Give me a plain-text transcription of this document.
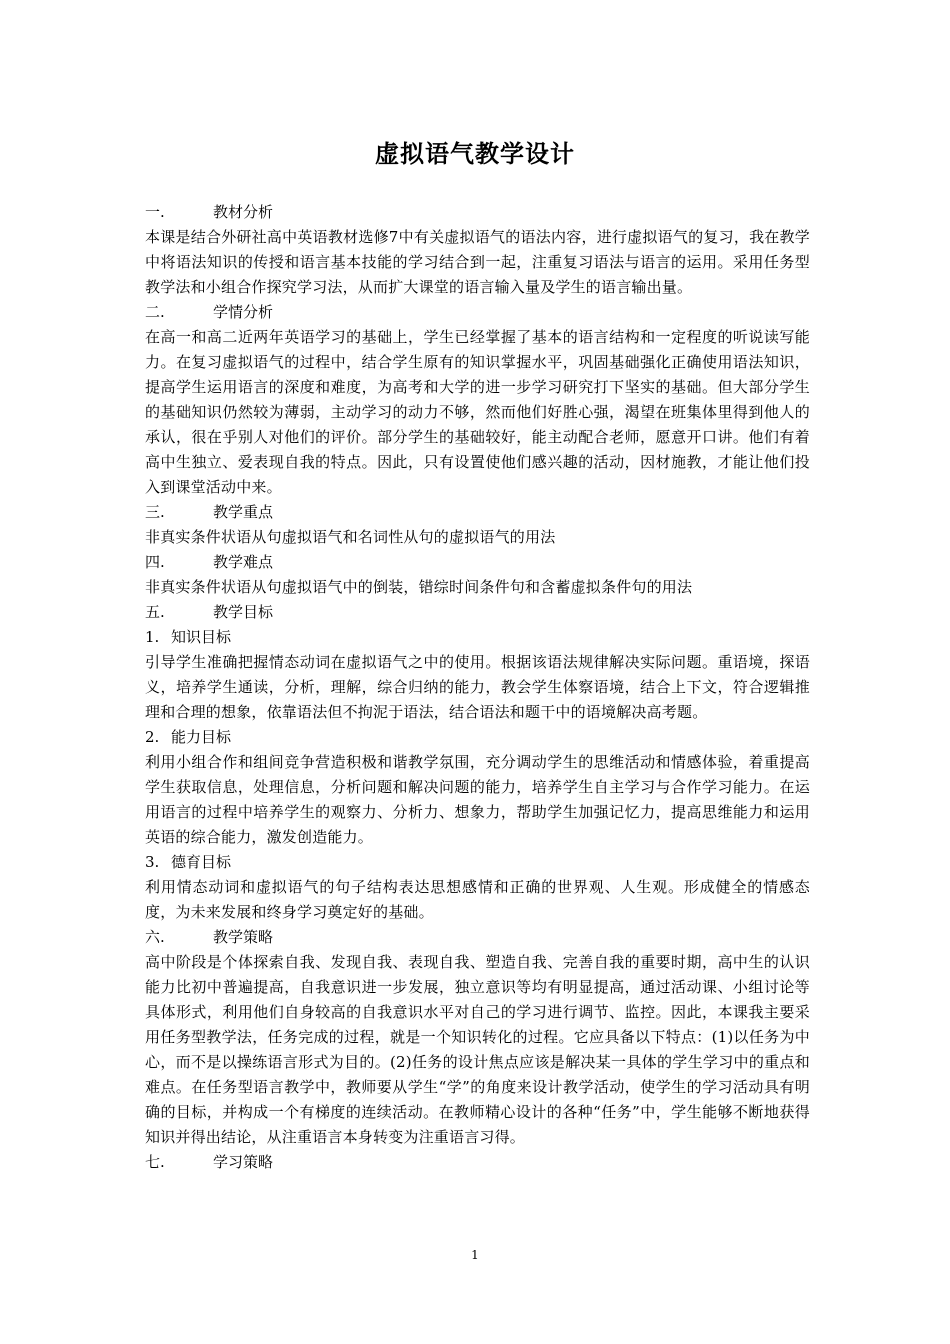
虚拟语气教学设计
一.	教材分析

本课是结合外研社高中英语教材选修7中有关虚拟语气的语法内容，进行虚拟语气的复习，我在教学中将语法知识的传授和语言基本技能的学习结合到一起，注重复习语法与语言的运用。采用任务型教学法和小组合作探究学习法，从而扩大课堂的语言输入量及学生的语言输出量。

二.	学情分析

在高一和高二近两年英语学习的基础上，学生已经掌握了基本的语言结构和一定程度的听说读写能力。在复习虚拟语气的过程中，结合学生原有的知识掌握水平，巩固基础强化正确使用语法知识，提高学生运用语言的深度和难度，为高考和大学的进一步学习研究打下坚实的基础。但大部分学生的基础知识仍然较为薄弱，主动学习的动力不够，然而他们好胜心强，渴望在班集体里得到他人的承认，很在乎别人对他们的评价。部分学生的基础较好，能主动配合老师，愿意开口讲。他们有着高中生独立、爱表现自我的特点。因此，只有设置使他们感兴趣的活动，因材施教，才能让他们投入到课堂活动中来。

三.	教学重点

非真实条件状语从句虚拟语气和名词性从句的虚拟语气的用法

四.	教学难点

非真实条件状语从句虚拟语气中的倒装，错综时间条件句和含蓄虚拟条件句的用法

五.	教学目标
1. 知识目标

引导学生准确把握情态动词在虚拟语气之中的使用。根据该语法规律解决实际问题。重语境，探语义，培养学生通读，分析，理解，综合归纳的能力，教会学生体察语境，结合上下文，符合逻辑推理和合理的想象，依靠语法但不拘泥于语法，结合语法和题干中的语境解决高考题。

2. 能力目标

利用小组合作和组间竞争营造积极和谐教学氛围，充分调动学生的思维活动和情感体验，着重提高学生获取信息，处理信息，分析问题和解决问题的能力，培养学生自主学习与合作学习能力。在运用语言的过程中培养学生的观察力、分析力、想象力，帮助学生加强记忆力，提高思维能力和运用英语的综合能力，激发创造能力。

3. 德育目标

利用情态动词和虚拟语气的句子结构表达思想感情和正确的世界观、人生观。形成健全的情感态度，为未来发展和终身学习奠定好的基础。

六.	教学策略

高中阶段是个体探索自我、发现自我、表现自我、塑造自我、完善自我的重要时期，高中生的认识能力比初中普遍提高，自我意识进一步发展，独立意识等均有明显提高，通过活动课、小组讨论等具体形式，利用他们自身较高的自我意识水平对自己的学习进行调节、监控。因此，本课我主要采用任务型教学法，任务完成的过程，就是一个知识转化的过程。它应具备以下特点：(1)以任务为中心，而不是以操练语言形式为目的。(2)任务的设计焦点应该是解决某一具体的学生学习中的重点和难点。在任务型语言教学中，教师要从学生“学”的角度来设计教学活动，使学生的学习活动具有明确的目标，并构成一个有梯度的连续活动。在教师精心设计的各种“任务”中，学生能够不断地获得知识并得出结论，从注重语言本身转变为注重语言习得。

七.	学习策略
1
